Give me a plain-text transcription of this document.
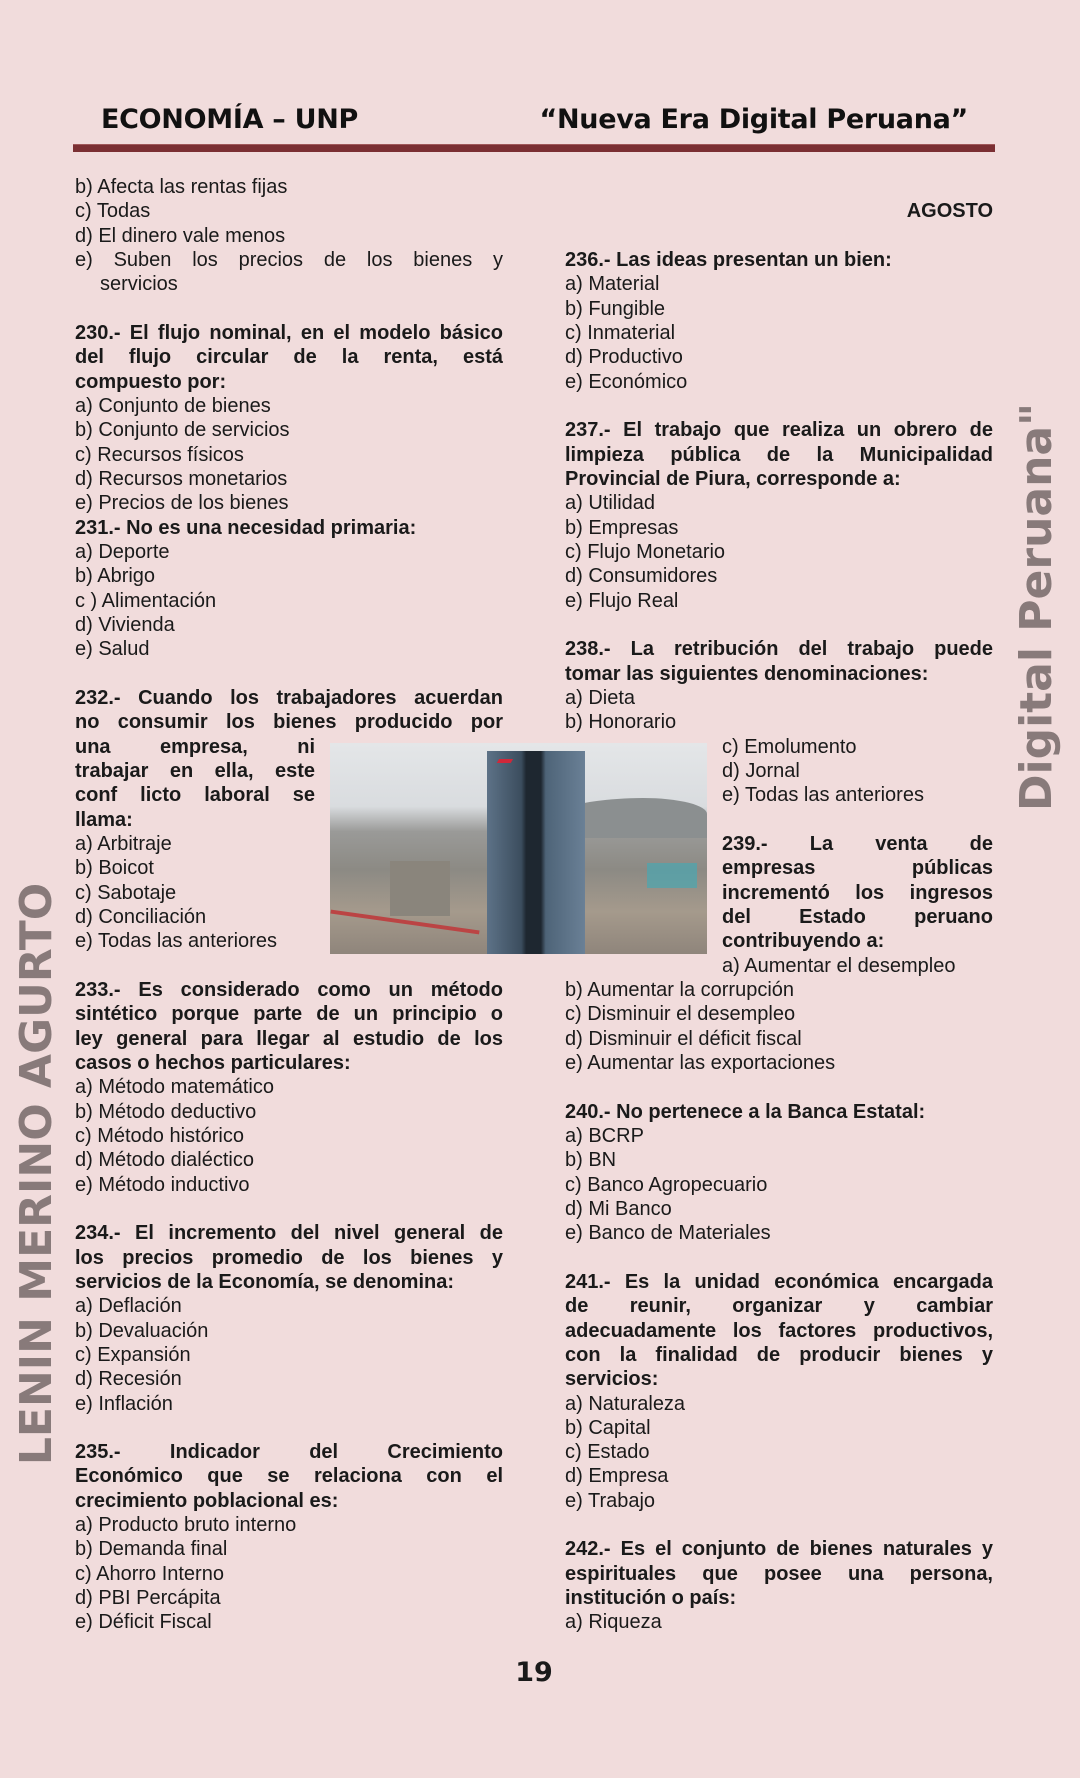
ECONOMÍA – UNP	“Nueva Era Digital Peruana”
b) Afecta las rentas fijas
c) Todas
d) El dinero vale menos
e) Suben los precios de los bienes y
servicios
230.- El flujo nominal, en el modelo básico
del flujo circular de la renta, está
compuesto por:
a) Conjunto de bienes
b) Conjunto de servicios
c) Recursos físicos
d) Recursos monetarios
e) Precios de los bienes
231.- No es una necesidad primaria:
a) Deporte
b) Abrigo
c ) Alimentación
d) Vivienda
e) Salud
232.- Cuando los trabajadores acuerdan
no consumir los bienes producido por
una empresa, ni
trabajar en ella, este
conf licto laboral se
llama:
a) Arbitraje
b) Boicot
c) Sabotaje
d) Conciliación
e) Todas las anteriores
233.- Es considerado como un método
sintético porque parte de un principio o
ley general para llegar al estudio de los
casos o hechos particulares:
a) Método matemático
b) Método deductivo
c) Método histórico
d) Método dialéctico
e) Método inductivo
234.- El incremento del nivel general de
los precios promedio de los bienes y
servicios de la Economía, se denomina:
a) Deflación
b) Devaluación
c) Expansión
d) Recesión
e) Inflación
235.- Indicador del Crecimiento
Económico que se relaciona con el
crecimiento poblacional es:
a) Producto bruto interno
b) Demanda final
c) Ahorro Interno
d) PBI Percápita
e) Déficit Fiscal
AGOSTO
236.- Las ideas presentan un bien:
a) Material
b) Fungible
c) Inmaterial
d) Productivo
e) Económico
237.- El trabajo que realiza un obrero de
limpieza pública de la Municipalidad
Provincial de Piura, corresponde a:
a) Utilidad
b) Empresas
c) Flujo Monetario
d) Consumidores
e) Flujo Real
238.- La retribución del trabajo puede
tomar las siguientes denominaciones:
a) Dieta
b) Honorario
c) Emolumento
d) Jornal
e) Todas las anteriores
239.- La venta de
empresas públicas
incrementó los ingresos
del Estado peruano
contribuyendo a:
a) Aumentar el desempleo
b) Aumentar la corrupción
c) Disminuir el desempleo
d) Disminuir el déficit fiscal
e) Aumentar las exportaciones
240.- No pertenece a la Banca Estatal:
a) BCRP
b) BN
c) Banco Agropecuario
d) Mi Banco
e) Banco de Materiales
241.- Es la unidad económica encargada
de reunir, organizar y cambiar
adecuadamente los factores productivos,
con la finalidad de producir bienes y
servicios:
a) Naturaleza
b) Capital
c) Estado
d) Empresa
e) Trabajo
242.- Es el conjunto de bienes naturales y
espirituales que posee una persona,
institución o país:
a) Riqueza
LENIN MERINO AGURTO
Digital Peruana"
19
